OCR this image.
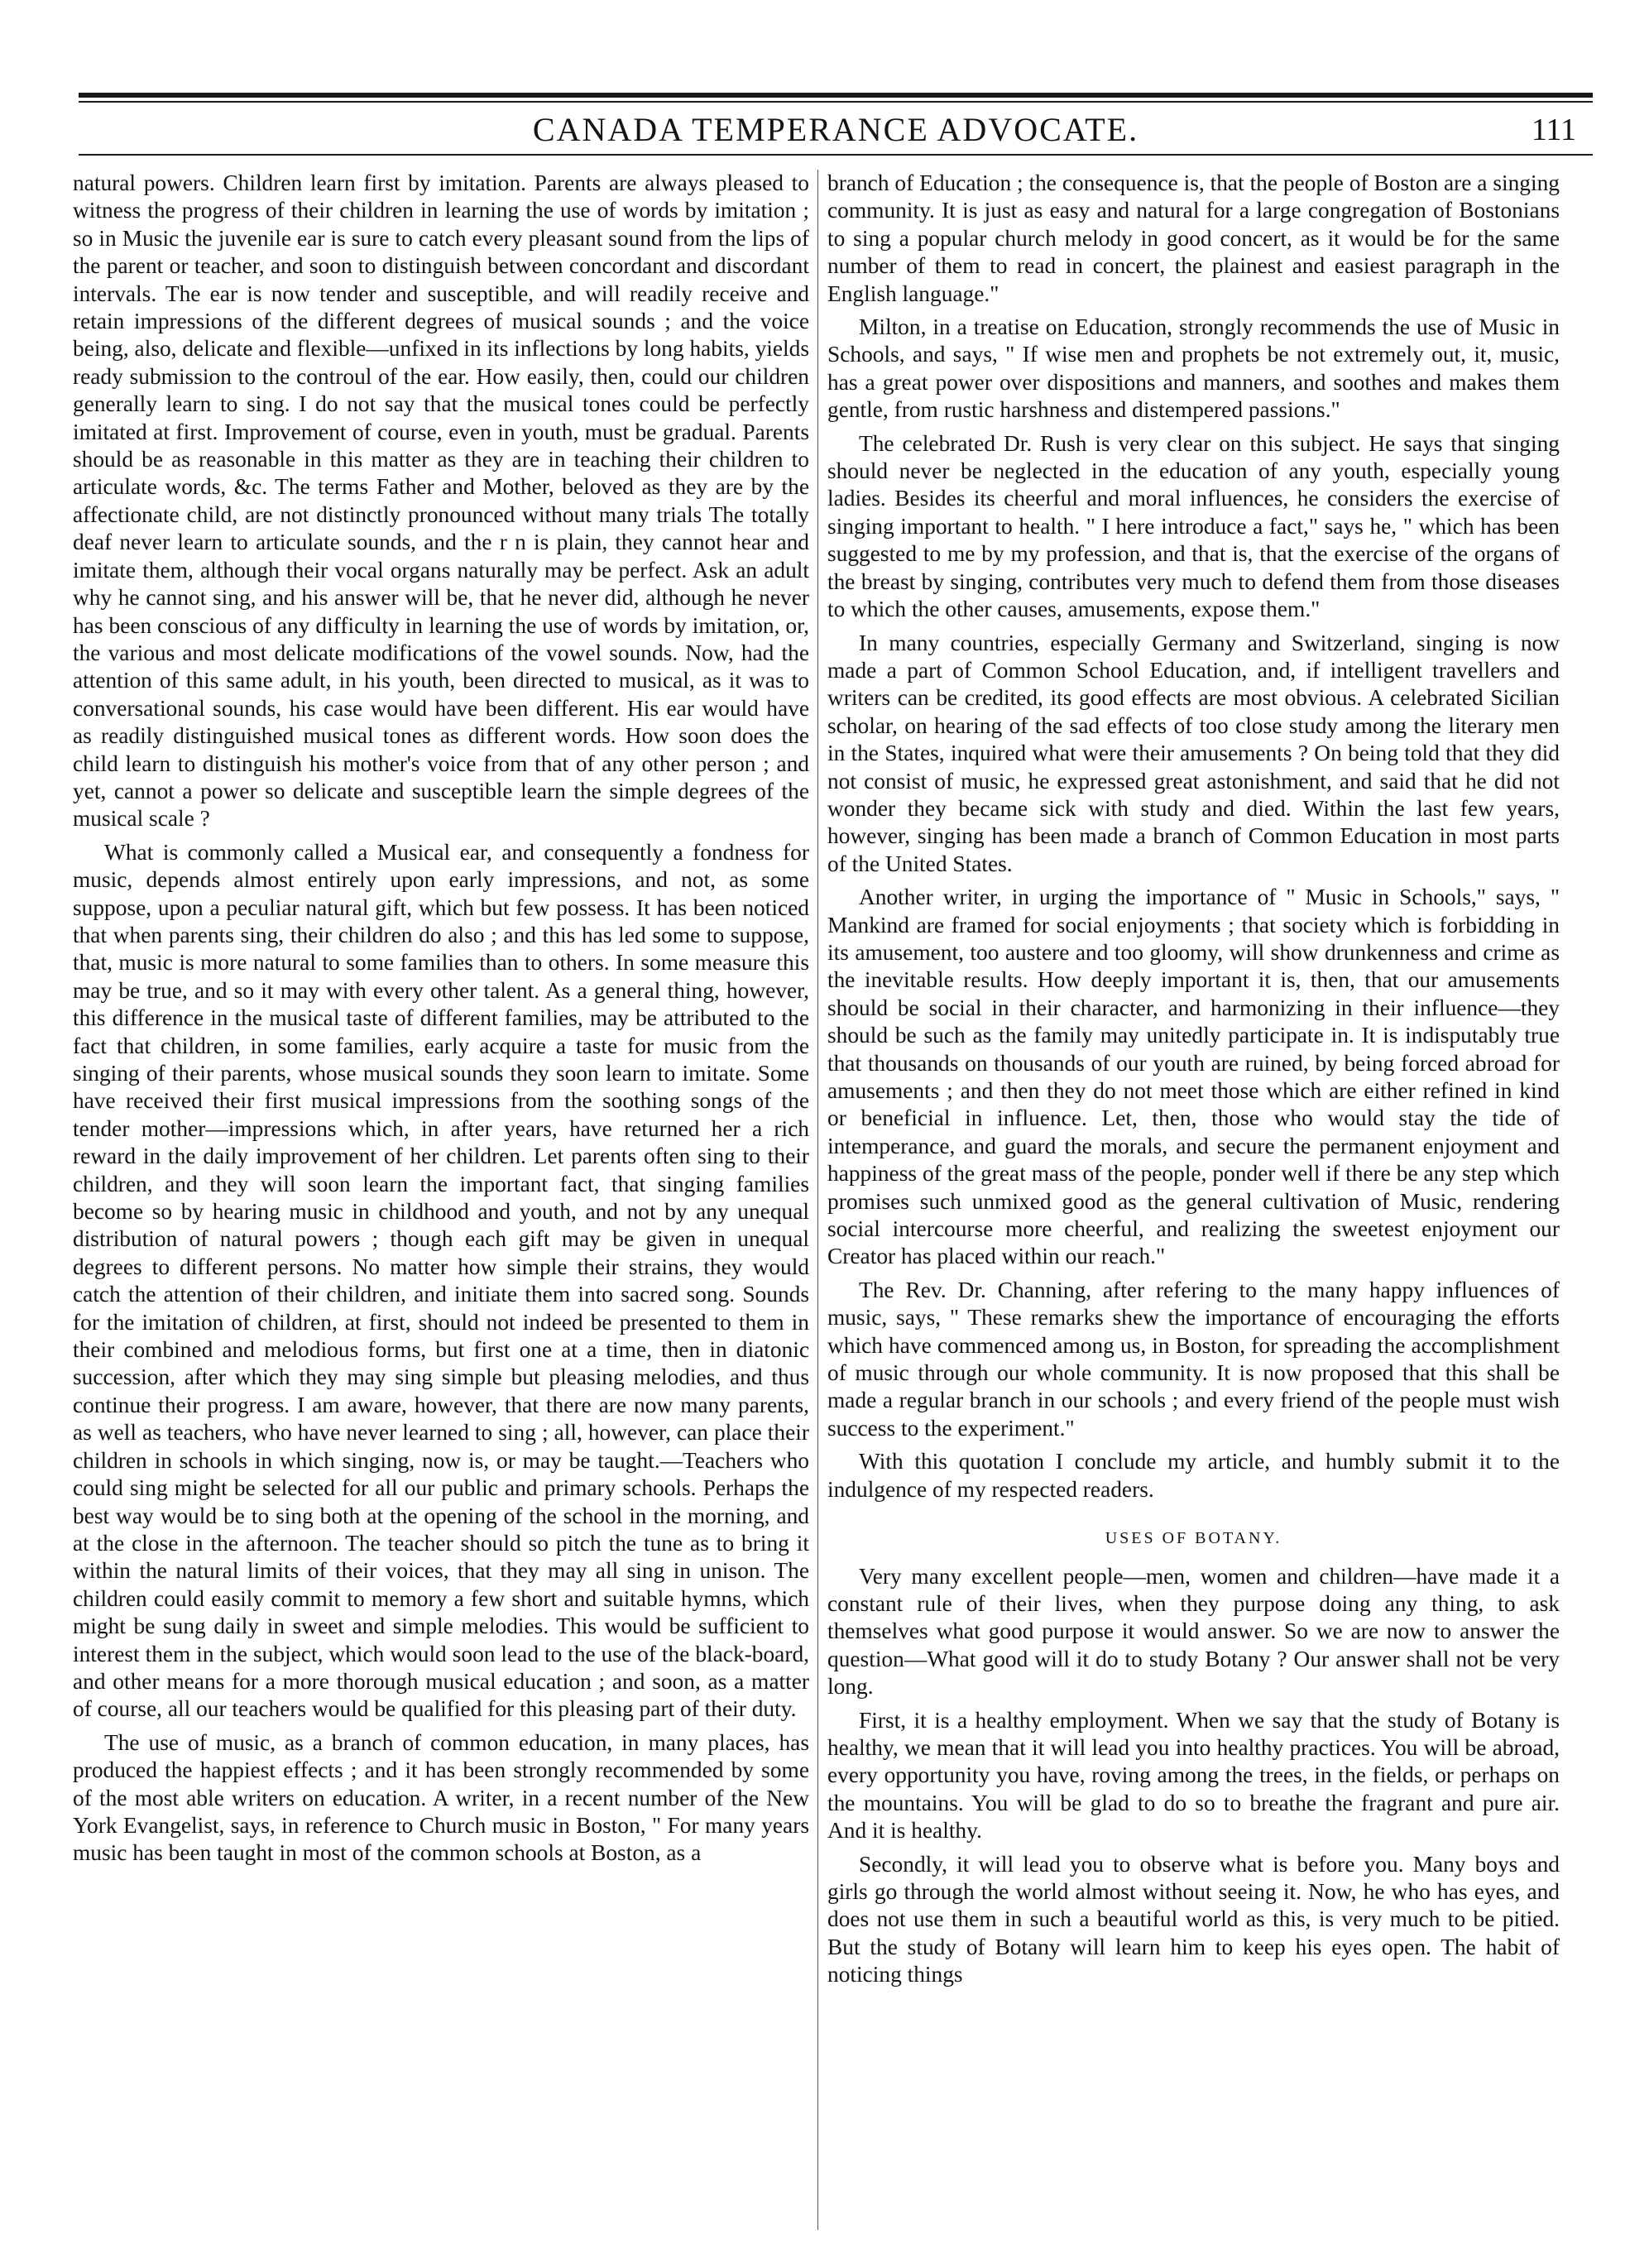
CANADA TEMPERANCE ADVOCATE.	111

natural powers. Children learn first by imitation. Parents are always pleased to witness the progress of their children in learning the use of words by imitation ; so in Music the juvenile ear is sure to catch every pleasant sound from the lips of the parent or teacher, and soon to distinguish between concordant and discordant intervals. The ear is now tender and susceptible, and will readily receive and retain impressions of the different degrees of musical sounds ; and the voice being, also, delicate and flexible—unfixed in its inflections by long habits, yields ready submission to the controul of the ear. How easily, then, could our children generally learn to sing. I do not say that the musical tones could be perfectly imitated at first. Improvement of course, even in youth, must be gradual. Parents should be as reasonable in this matter as they are in teaching their children to articulate words, &c. The terms Father and Mother, beloved as they are by the affectionate child, are not distinctly pronounced without many trials The totally deaf never learn to articulate sounds, and the r n is plain, they cannot hear and imitate them, although their vocal organs naturally may be perfect. Ask an adult why he cannot sing, and his answer will be, that he never did, although he never has been conscious of any difficulty in learning the use of words by imitation, or, the various and most delicate modifications of the vowel sounds. Now, had the attention of this same adult, in his youth, been directed to musical, as it was to conversational sounds, his case would have been different. His ear would have as readily distinguished musical tones as different words. How soon does the child learn to distinguish his mother's voice from that of any other person ; and yet, cannot a power so delicate and susceptible learn the simple degrees of the musical scale ?

What is commonly called a Musical ear, and consequently a fondness for music, depends almost entirely upon early impressions, and not, as some suppose, upon a peculiar natural gift, which but few possess. It has been noticed that when parents sing, their children do also ; and this has led some to suppose, that, music is more natural to some families than to others. In some measure this may be true, and so it may with every other talent. As a general thing, however, this difference in the musical taste of different families, may be attributed to the fact that children, in some families, early acquire a taste for music from the singing of their parents, whose musical sounds they soon learn to imitate. Some have received their first musical impressions from the soothing songs of the tender mother—impressions which, in after years, have returned her a rich reward in the daily improvement of her children. Let parents often sing to their children, and they will soon learn the important fact, that singing families become so by hearing music in childhood and youth, and not by any unequal distribution of natural powers ; though each gift may be given in unequal degrees to different persons. No matter how simple their strains, they would catch the attention of their children, and initiate them into sacred song. Sounds for the imitation of children, at first, should not indeed be presented to them in their combined and melodious forms, but first one at a time, then in diatonic succession, after which they may sing simple but pleasing melodies, and thus continue their progress. I am aware, however, that there are now many parents, as well as teachers, who have never learned to sing ; all, however, can place their children in schools in which singing, now is, or may be taught.—Teachers who could sing might be selected for all our public and primary schools. Perhaps the best way would be to sing both at the opening of the school in the morning, and at the close in the afternoon. The teacher should so pitch the tune as to bring it within the natural limits of their voices, that they may all sing in unison. The children could easily commit to memory a few short and suitable hymns, which might be sung daily in sweet and simple melodies. This would be sufficient to interest them in the subject, which would soon lead to the use of the black-board, and other means for a more thorough musical education ; and soon, as a matter of course, all our teachers would be qualified for this pleasing part of their duty.

The use of music, as a branch of common education, in many places, has produced the happiest effects ; and it has been strongly recommended by some of the most able writers on education. A writer, in a recent number of the New York Evangelist, says, in reference to Church music in Boston, " For many years music has been taught in most of the common schools at Boston, as a

branch of Education ; the consequence is, that the people of Boston are a singing community. It is just as easy and natural for a large congregation of Bostonians to sing a popular church melody in good concert, as it would be for the same number of them to read in concert, the plainest and easiest paragraph in the English language."

Milton, in a treatise on Education, strongly recommends the use of Music in Schools, and says, " If wise men and prophets be not extremely out, it, music, has a great power over dispositions and manners, and soothes and makes them gentle, from rustic harshness and distempered passions."

The celebrated Dr. Rush is very clear on this subject. He says that singing should never be neglected in the education of any youth, especially young ladies. Besides its cheerful and moral influences, he considers the exercise of singing important to health. " I here introduce a fact," says he, " which has been suggested to me by my profession, and that is, that the exercise of the organs of the breast by singing, contributes very much to defend them from those diseases to which the other causes, amusements, expose them."

In many countries, especially Germany and Switzerland, singing is now made a part of Common School Education, and, if intelligent travellers and writers can be credited, its good effects are most obvious. A celebrated Sicilian scholar, on hearing of the sad effects of too close study among the literary men in the States, inquired what were their amusements ? On being told that they did not consist of music, he expressed great astonishment, and said that he did not wonder they became sick with study and died. Within the last few years, however, singing has been made a branch of Common Education in most parts of the United States.

Another writer, in urging the importance of " Music in Schools," says, " Mankind are framed for social enjoyments ; that society which is forbidding in its amusement, too austere and too gloomy, will show drunkenness and crime as the inevitable results. How deeply important it is, then, that our amusements should be social in their character, and harmonizing in their influence—they should be such as the family may unitedly participate in. It is indisputably true that thousands on thousands of our youth are ruined, by being forced abroad for amusements ; and then they do not meet those which are either refined in kind or beneficial in influence. Let, then, those who would stay the tide of intemperance, and guard the morals, and secure the permanent enjoyment and happiness of the great mass of the people, ponder well if there be any step which promises such unmixed good as the general cultivation of Music, rendering social intercourse more cheerful, and realizing the sweetest enjoyment our Creator has placed within our reach."

The Rev. Dr. Channing, after refering to the many happy influences of music, says, " These remarks shew the importance of encouraging the efforts which have commenced among us, in Boston, for spreading the accomplishment of music through our whole community. It is now proposed that this shall be made a regular branch in our schools ; and every friend of the people must wish success to the experiment."

With this quotation I conclude my article, and humbly submit it to the indulgence of my respected readers.

USES OF BOTANY.

Very many excellent people—men, women and children—have made it a constant rule of their lives, when they purpose doing any thing, to ask themselves what good purpose it would answer. So we are now to answer the question—What good will it do to study Botany ? Our answer shall not be very long.

First, it is a healthy employment. When we say that the study of Botany is healthy, we mean that it will lead you into healthy practices. You will be abroad, every opportunity you have, roving among the trees, in the fields, or perhaps on the mountains. You will be glad to do so to breathe the fragrant and pure air. And it is healthy.

Secondly, it will lead you to observe what is before you. Many boys and girls go through the world almost without seeing it. Now, he who has eyes, and does not use them in such a beautiful world as this, is very much to be pitied. But the study of Botany will learn him to keep his eyes open. The habit of noticing things
